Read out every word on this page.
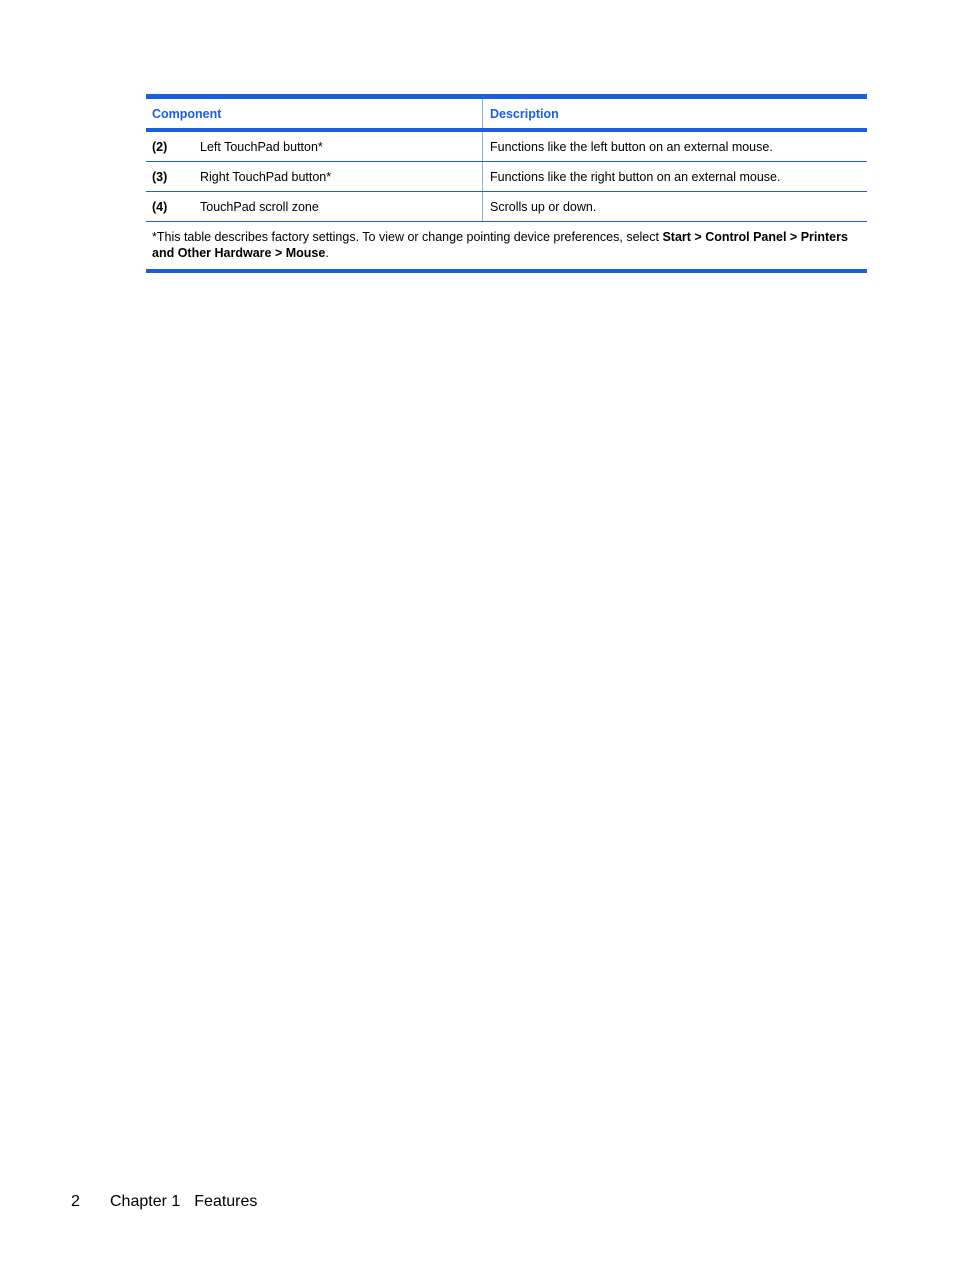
Component	Description
(2)	Left TouchPad button*	Functions like the left button on an external mouse.
(3)	Right TouchPad button*	Functions like the right button on an external mouse.
(4)	TouchPad scroll zone	Scrolls up or down.
*This table describes factory settings. To view or change pointing device preferences, select Start > Control Panel > Printers and Other Hardware > Mouse.
2 Chapter 1 Features
